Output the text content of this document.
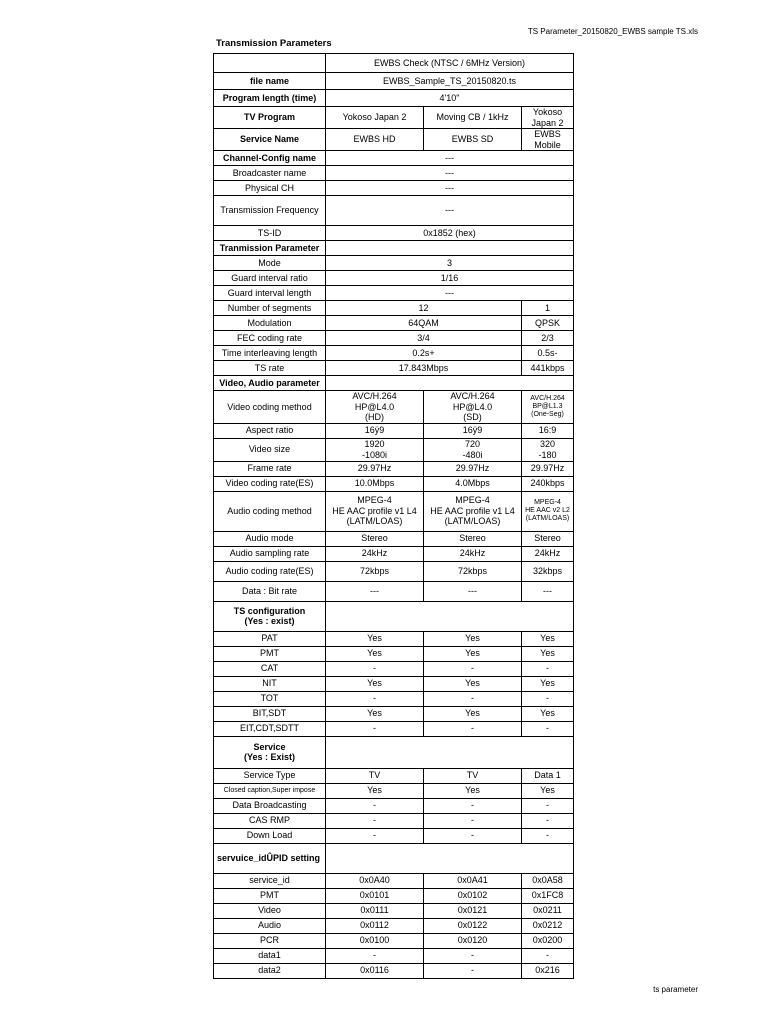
TS Parameter_20150820_EWBS sample TS.xls
Transmission Parameters
	EWBS Check (NTSC / 6MHz Version)		
file name	EWBS_Sample_TS_20150820.ts		
Program length (time)	4'10"		
TV Program	Yokoso Japan 2	Moving CB / 1kHz	Yokoso
Japan 2
Service Name	EWBS HD	EWBS SD	EWBS
Mobile
Channel-Config name	---		
Broadcaster name	---		
Physical CH	---		
Transmission Frequency	---		
TS-ID	0x1852 (hex)		
Tranmission Parameter			
Mode	3		
Guard interval ratio	1/16		
Guard interval length	---		
Number of segments	12		1
Modulation	64QAM		QPSK
FEC coding rate	3/4		2/3
Time interleaving length	0.2s+		0.5s-
TS rate	17.843Mbps		441kbps
Video, Audio parameter			
Video coding method	AVC/H.264
HP@L4.0
(HD)	AVC/H.264
HP@L4.0
(SD)	AVC/H.264
BP@L1.3
(One-Seg)
Aspect ratio	16ÿ9	16ÿ9	16:9
Video size	1920
-1080i	720
-480i	320
-180
Frame rate	29.97Hz	29.97Hz	29.97Hz
Video coding rate(ES)	10.0Mbps	4.0Mbps	240kbps
Audio coding method	MPEG-4
HE AAC profile v1 L4
(LATM/LOAS)	MPEG-4
HE AAC profile v1 L4
(LATM/LOAS)	MPEG-4
HE AAC v2 L2
(LATM/LOAS)
Audio mode	Stereo	Stereo	Stereo
Audio sampling rate	24kHz	24kHz	24kHz
Audio coding rate(ES)	72kbps	72kbps	32kbps
Data : Bit rate	---	---	---
TS configuration
(Yes : exist)			
PAT	Yes	Yes	Yes
PMT	Yes	Yes	Yes
CAT	-	-	-
NIT	Yes	Yes	Yes
TOT	-	-	-
BIT,SDT	Yes	Yes	Yes
EIT,CDT,SDTT	-	-	-
Service
(Yes : Exist)			
Service Type	TV	TV	Data 1
Closed caption,Super impose	Yes	Yes	Yes
Data Broadcasting	-	-	-
CAS RMP	-	-	-
Down Load	-	-	-
servuice_idÛPID setting			
service_id	0x0A40	0x0A41	0x0A58
PMT	0x0101	0x0102	0x1FC8
Video	0x0111	0x0121	0x0211
Audio	0x0112	0x0122	0x0212
PCR	0x0100	0x0120	0x0200
data1	-	-	-
data2	0x0116	-	0x216
ts parameter
